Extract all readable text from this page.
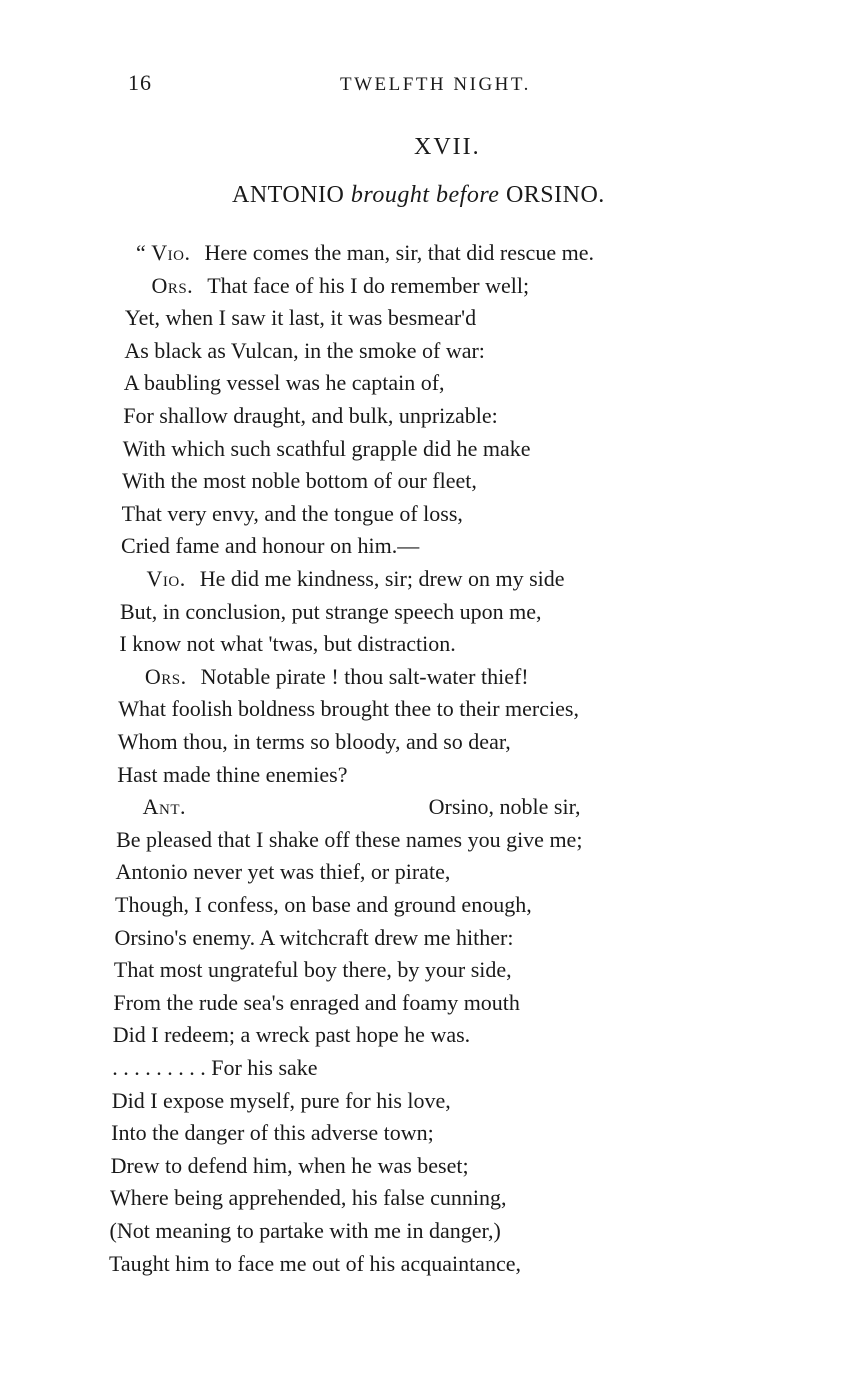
16	TWELFTH NIGHT.
XVII.
ANTONIO brought before ORSINO.
“ Vio. Here comes the man, sir, that did rescue me.
Ors. That face of his I do remember well;
Yet, when I saw it last, it was besmear'd
As black as Vulcan, in the smoke of war:
A baubling vessel was he captain of,
For shallow draught, and bulk, unprizable:
With which such scathful grapple did he make
With the most noble bottom of our fleet,
That very envy, and the tongue of loss,
Cried fame and honour on him.—
Vio. He did me kindness, sir; drew on my side
But, in conclusion, put strange speech upon me,
I know not what 'twas, but distraction.
Ors. Notable pirate ! thou salt-water thief!
What foolish boldness brought thee to their mercies,
Whom thou, in terms so bloody, and so dear,
Hast made thine enemies?
Ant.	Orsino, noble sir,
Be pleased that I shake off these names you give me;
Antonio never yet was thief, or pirate,
Though, I confess, on base and ground enough,
Orsino's enemy. A witchcraft drew me hither:
That most ungrateful boy there, by your side,
From the rude sea's enraged and foamy mouth
Did I redeem; a wreck past hope he was.
. . . . . . . . . For his sake
Did I expose myself, pure for his love,
Into the danger of this adverse town;
Drew to defend him, when he was beset;
Where being apprehended, his false cunning,
(Not meaning to partake with me in danger,)
Taught him to face me out of his acquaintance,
